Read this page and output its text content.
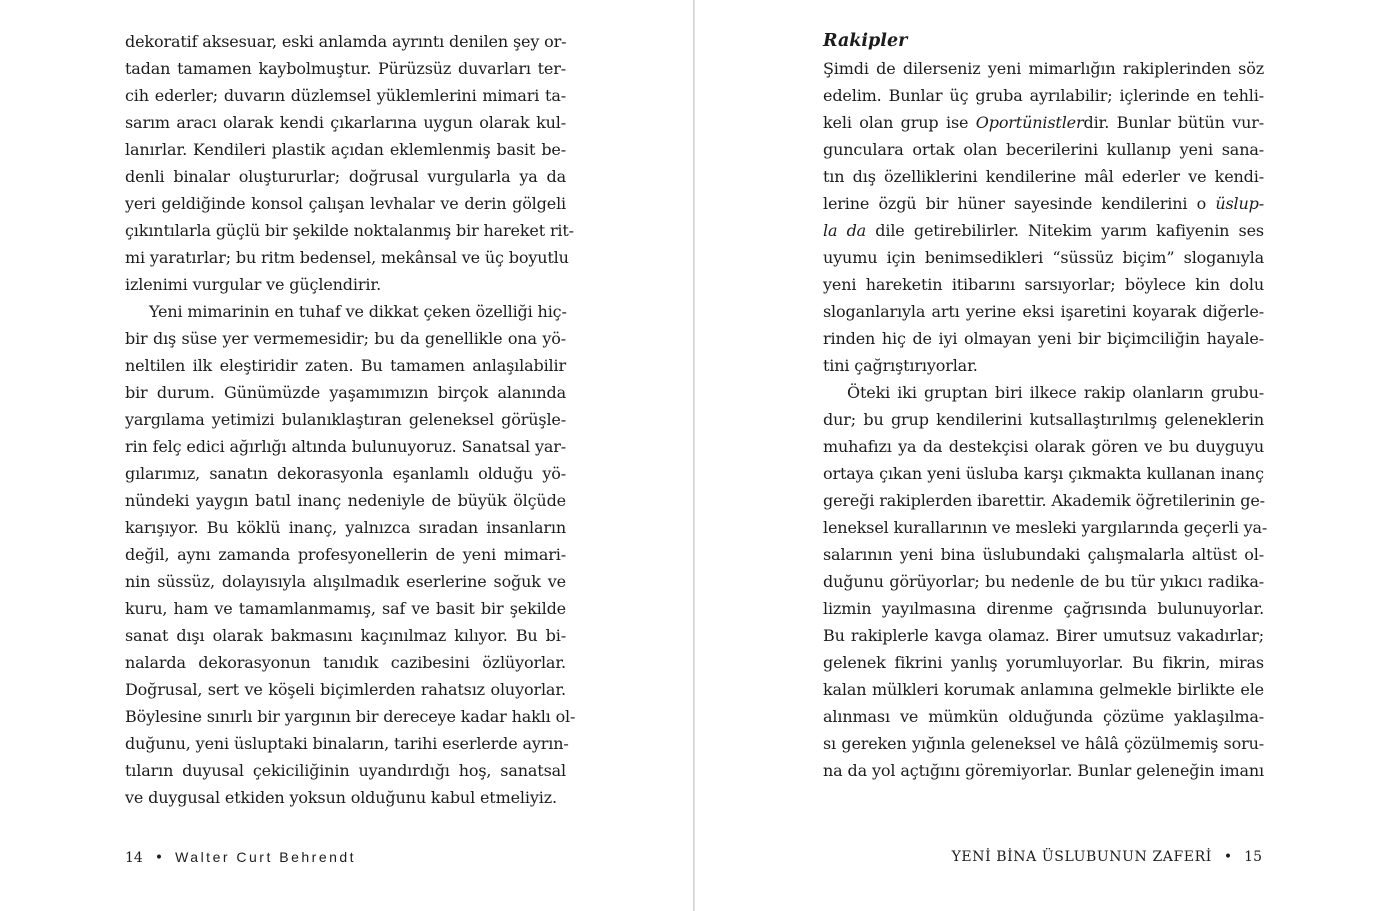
dekoratif aksesuar, eski anlamda ayrıntı denilen şey or-
tadan tamamen kaybolmuştur. Pürüzsüz duvarları ter-
cih ederler; duvarın düzlemsel yüklemlerini mimari ta-
sarım aracı olarak kendi çıkarlarına uygun olarak kul-
lanırlar. Kendileri plastik açıdan eklemlenmiş basit be-
denli binalar oluştururlar; doğrusal vurgularla ya da
yeri geldiğinde konsol çalışan levhalar ve derin gölgeli
çıkıntılarla güçlü bir şekilde noktalanmış bir hareket rit-
mi yaratırlar; bu ritm bedensel, mekânsal ve üç boyutlu
izlenimi vurgular ve güçlendirir.
Yeni mimarinin en tuhaf ve dikkat çeken özelliği hiç-
bir dış süse yer vermemesidir; bu da genellikle ona yö-
neltilen ilk eleştiridir zaten. Bu tamamen anlaşılabilir
bir durum. Günümüzde yaşamımızın birçok alanında
yargılama yetimizi bulanıklaştıran geleneksel görüşle-
rin felç edici ağırlığı altında bulunuyoruz. Sanatsal yar-
gılarımız, sanatın dekorasyonla eşanlamlı olduğu yö-
nündeki yaygın batıl inanç nedeniyle de büyük ölçüde
karışıyor. Bu köklü inanç, yalnızca sıradan insanların
değil, aynı zamanda profesyonellerin de yeni mimari-
nin süssüz, dolayısıyla alışılmadık eserlerine soğuk ve
kuru, ham ve tamamlanmamış, saf ve basit bir şekilde
sanat dışı olarak bakmasını kaçınılmaz kılıyor. Bu bi-
nalarda dekorasyonun tanıdık cazibesini özlüyorlar.
Doğrusal, sert ve köşeli biçimlerden rahatsız oluyorlar.
Böylesine sınırlı bir yargının bir dereceye kadar haklı ol-
duğunu, yeni üsluptaki binaların, tarihi eserlerde ayrın-
tıların duyusal çekiciliğinin uyandırdığı hoş, sanatsal
ve duygusal etkiden yoksun olduğunu kabul etmeliyiz.
14 • Walter Curt Behrendt
Rakipler
Şimdi de dilerseniz yeni mimarlığın rakiplerinden söz
edelim. Bunlar üç gruba ayrılabilir; içlerinde en tehli-
keli olan grup ise Oportünistlerdir. Bunlar bütün vur-
gunculara ortak olan becerilerini kullanıp yeni sana-
tın dış özelliklerini kendilerine mâl ederler ve kendi-
lerine özgü bir hüner sayesinde kendilerini o üslup-
la da dile getirebilirler. Nitekim yarım kafiyenin ses
uyumu için benimsedikleri “süssüz biçim” sloganıyla
yeni hareketin itibarını sarsıyorlar; böylece kin dolu
sloganlarıyla artı yerine eksi işaretini koyarak diğerle-
rinden hiç de iyi olmayan yeni bir biçimciliğin hayale-
tini çağrıştırıyorlar.
Öteki iki gruptan biri ilkece rakip olanların grubu-
dur; bu grup kendilerini kutsallaştırılmış geleneklerin
muhafızı ya da destekçisi olarak gören ve bu duyguyu
ortaya çıkan yeni üsluba karşı çıkmakta kullanan inanç
gereği rakiplerden ibarettir. Akademik öğretilerinin ge-
leneksel kurallarının ve mesleki yargılarında geçerli ya-
salarının yeni bina üslubundaki çalışmalarla altüst ol-
duğunu görüyorlar; bu nedenle de bu tür yıkıcı radika-
lizmin yayılmasına direnme çağrısında bulunuyorlar.
Bu rakiplerle kavga olamaz. Birer umutsuz vakadırlar;
gelenek fikrini yanlış yorumluyorlar. Bu fikrin, miras
kalan mülkleri korumak anlamına gelmekle birlikte ele
alınması ve mümkün olduğunda çözüme yaklaşılma-
sı gereken yığınla geleneksel ve hâlâ çözülmemiş soru-
na da yol açtığını göremiyorlar. Bunlar geleneğin imanı
YENİ BİNA ÜSLUBUNUN ZAFERİ • 15
